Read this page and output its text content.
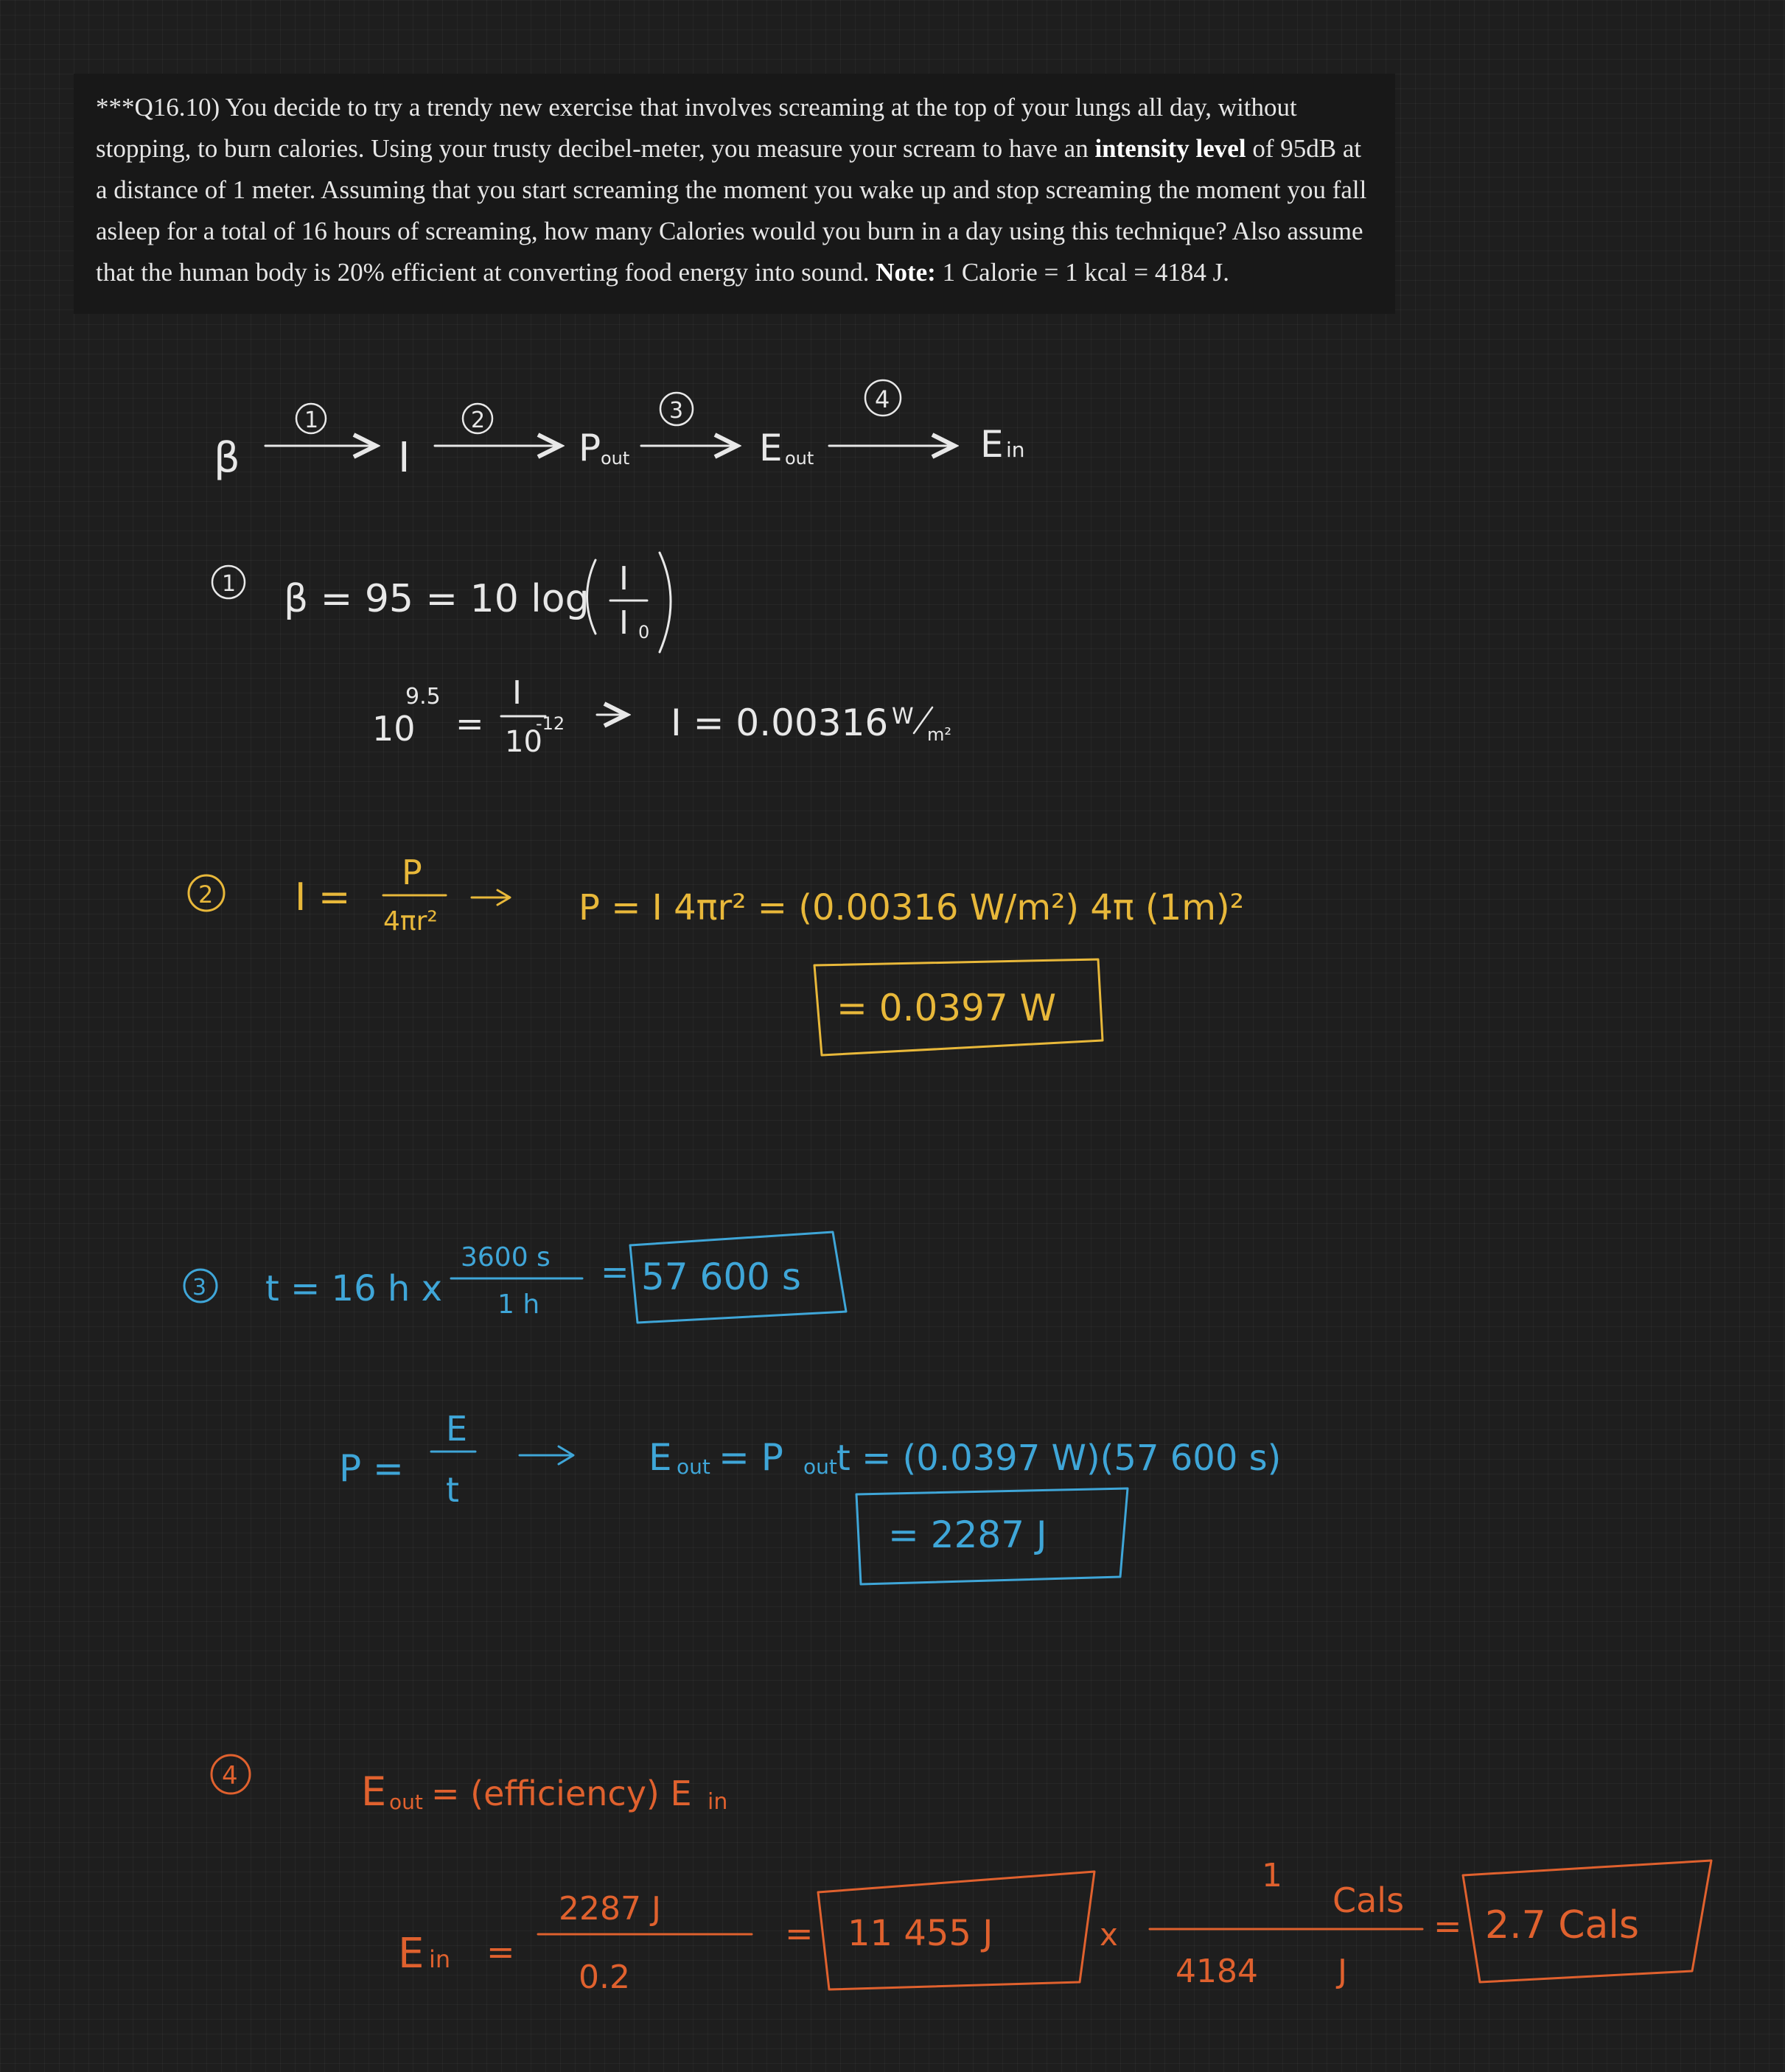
***Q16.10) You decide to try a trendy new exercise that involves screaming at the top of your lungs all day, without stopping, to burn calories. Using your trusty decibel-meter, you measure your scream to have an intensity level of 95dB at a distance of 1 meter. Assuming that you start screaming the moment you wake up and stop screaming the moment you fall asleep for a total of 16 hours of screaming, how many Calories would you burn in a day using this technique? Also assume that the human body is 20% efficient at converting food energy into sound. Note: 1 Calorie = 1 kcal = 4184 J.
β
1
I
2
P out
3
E out
4
E in
1 β = 95 = 10 log I
I 0
10
9.5
=
I
10
-12	I = 0.00316 W
m²
2 I =
P
4πr²	P = I 4πr² = (0.00316 W/m²) 4π (1m)²
= 0.0397 W
3 t = 16 h x
3600 s
1 h
= 57 600 s
P =
E
t
E out = P out t = (0.0397 W)(57 600 s)
= 2287 J
4	E out = (efficiency) E in
E in =
2287 J
0.2
= 11 455 J	x
1
Cals
4184 J
= 2.7 Cals
